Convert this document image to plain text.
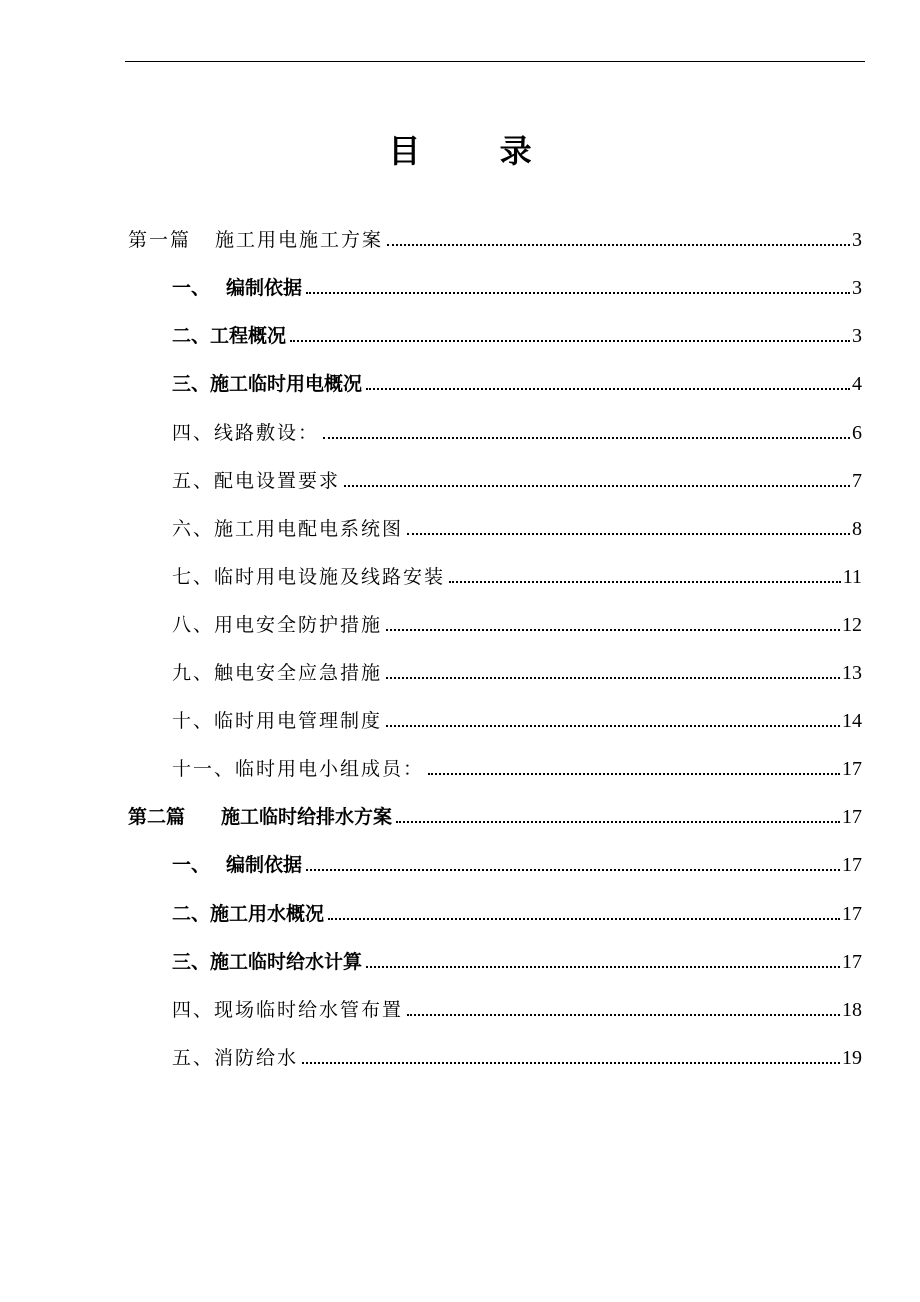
目 录
第一篇 施工用电施工方案	3
一、 编制依据	3
二、工程概况	3
三、施工临时用电概况	4
四、线路敷设：	6
五、配电设置要求	7
六、施工用电配电系统图	8
七、临时用电设施及线路安装	11
八、用电安全防护措施	12
九、触电安全应急措施	13
十、临时用电管理制度	14
十一、临时用电小组成员：	17
第二篇 施工临时给排水方案	17
一、 编制依据	17
二、施工用水概况	17
三、施工临时给水计算	17
四、现场临时给水管布置	18
五、消防给水	19
